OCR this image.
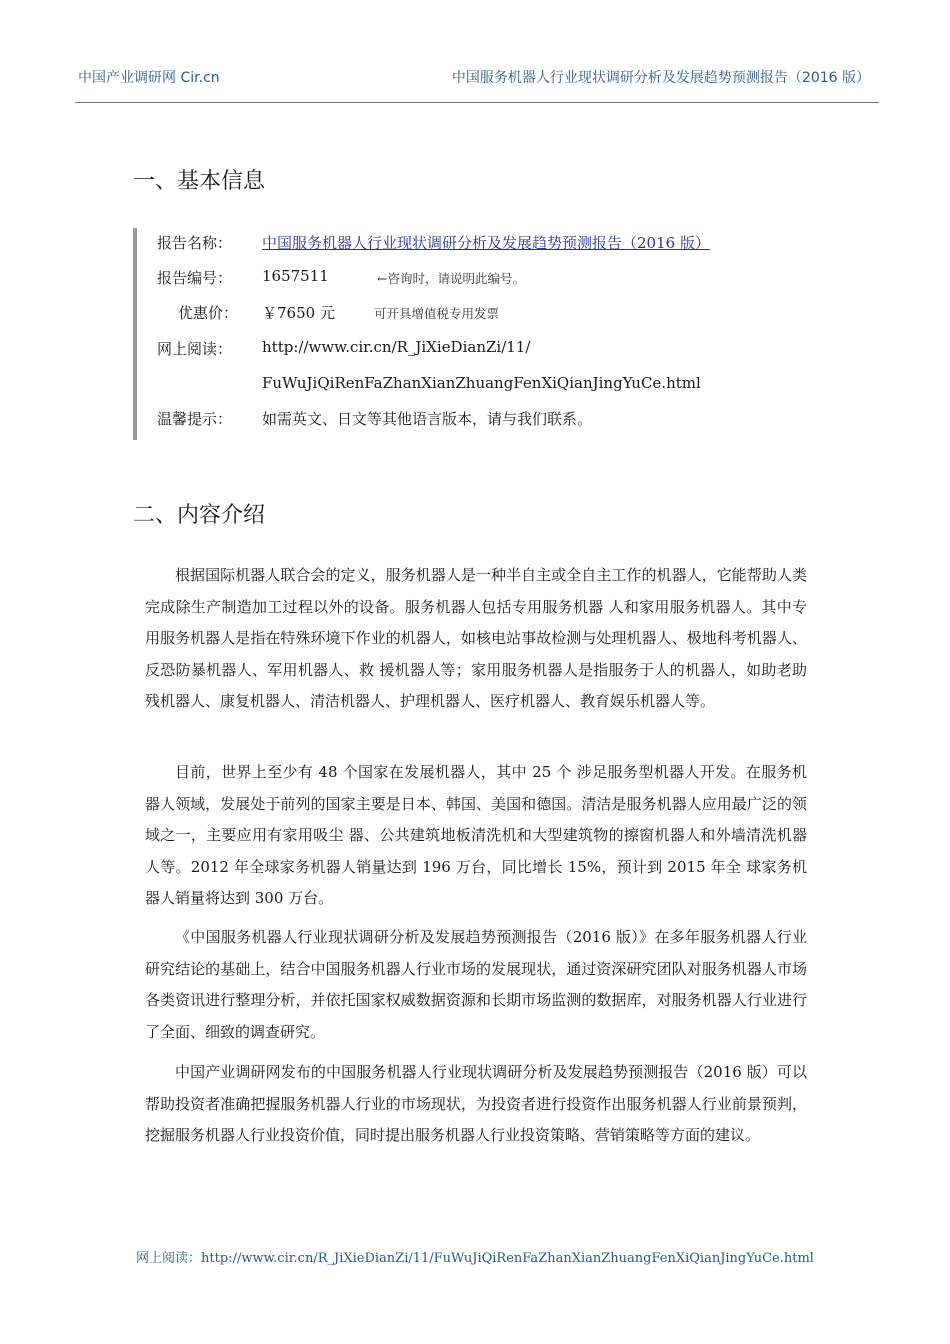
中国产业调研网 Cir.cn	中国服务机器人行业现状调研分析及发展趋势预测报告（2016 版）
一、基本信息
报告名称：	中国服务机器人行业现状调研分析及发展趋势预测报告（2016 版）
报告编号：	1657511	←咨询时，请说明此编号。
优惠价： ￥7650 元	可开具增值税专用发票
网上阅读：	http://www.cir.cn/R_JiXieDianZi/11/
FuWuJiQiRenFaZhanXianZhuangFenXiQianJingYuCe.html
温馨提示：	如需英文、日文等其他语言版本，请与我们联系。
二、内容介绍

根据国际机器人联合会的定义，服务机器人是一种半自主或全自主工作的机器人，它能帮助人类完成除生产制造加工过程以外的设备。服务机器人包括专用服务机器 人和家用服务机器人。其中专用服务机器人是指在特殊环境下作业的机器人，如核电站事故检测与处理机器人、极地科考机器人、反恐防暴机器人、军用机器人、救 援机器人等；家用服务机器人是指服务于人的机器人，如助老助残机器人、康复机器人、清洁机器人、护理机器人、医疗机器人、教育娱乐机器人等。

目前，世界上至少有 48 个国家在发展机器人，其中 25 个 涉足服务型机器人开发。在服务机器人领域，发展处于前列的国家主要是日本、韩国、美国和德国。清洁是服务机器人应用最广泛的领域之一，主要应用有家用吸尘 器、公共建筑地板清洗机和大型建筑物的擦窗机器人和外墙清洗机器人等。2012 年全球家务机器人销量达到 196 万台，同比增长 15%，预计到 2015 年全 球家务机器人销量将达到 300 万台。

《中国服务机器人行业现状调研分析及发展趋势预测报告（2016 版）》在多年服务机器人行业研究结论的基础上，结合中国服务机器人行业市场的发展现状，通过资深研究团队对服务机器人市场各类资讯进行整理分析，并依托国家权威数据资源和长期市场监测的数据库，对服务机器人行业进行了全面、细致的调查研究。

中国产业调研网发布的中国服务机器人行业现状调研分析及发展趋势预测报告（2016 版）可以帮助投资者准确把握服务机器人行业的市场现状，为投资者进行投资作出服务机器人行业前景预判，挖掘服务机器人行业投资价值，同时提出服务机器人行业投资策略、营销策略等方面的建议。

网上阅读：http://www.cir.cn/R_JiXieDianZi/11/FuWuJiQiRenFaZhanXianZhuangFenXiQianJingYuCe.html
